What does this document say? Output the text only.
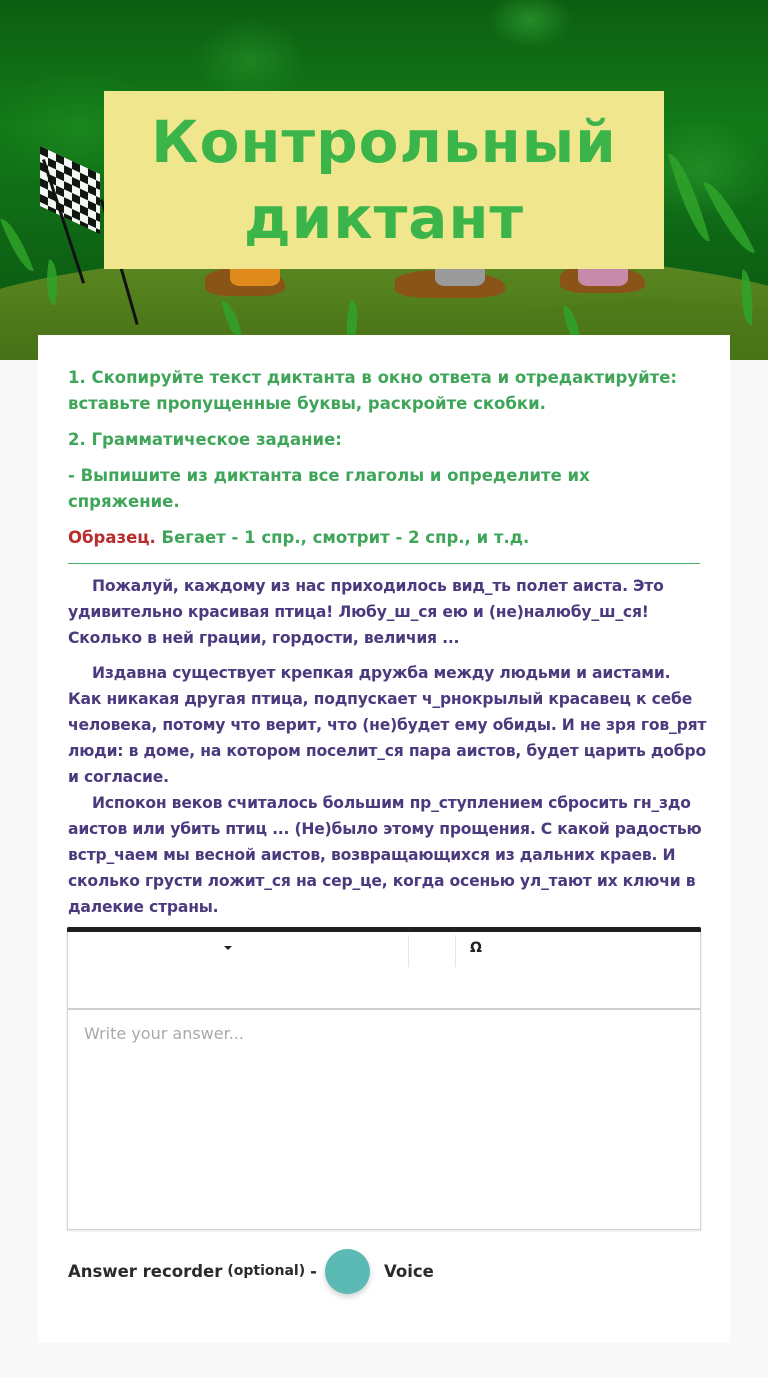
Контрольный
диктант

1. Скопируйте текст диктанта в окно ответа и отредактируйте: вставьте пропущенные буквы, раскройте скобки.

2. Грамматическое задание:

- Выпишите из диктанта все глаголы и определите их спряжение.

Образец. Бегает - 1 спр., смотрит - 2 спр., и т.д.

Пожалуй, каждому из нас приходилось вид_ть полет аиста. Это удивительно красивая птица! Любу_ш_ся ею и (не)налюбу_ш_ся! Сколько в ней грации, гордости, величия ...

Издавна существует крепкая дружба между людьми и аистами. Как никакая другая птица, подпускает ч_рнокрылый красавец к себе человека, потому что верит, что (не)будет ему обиды. И не зря гов_рят люди: в доме, на котором поселит_ся пара аистов, будет царить добро и согласие.

Испокон веков считалось большим пр_ступлением сбросить гн_здо аистов или убить птиц ... (Не)было этому прощения. С какой радостью встр_чаем мы весной аистов, возвращающихся из дальних краев. И сколько грусти ложит_ся на сер_це, когда осенью ул_тают их ключи в далекие страны.

Ω
Write your answer...
Answer recorder (optional) -	Voice
